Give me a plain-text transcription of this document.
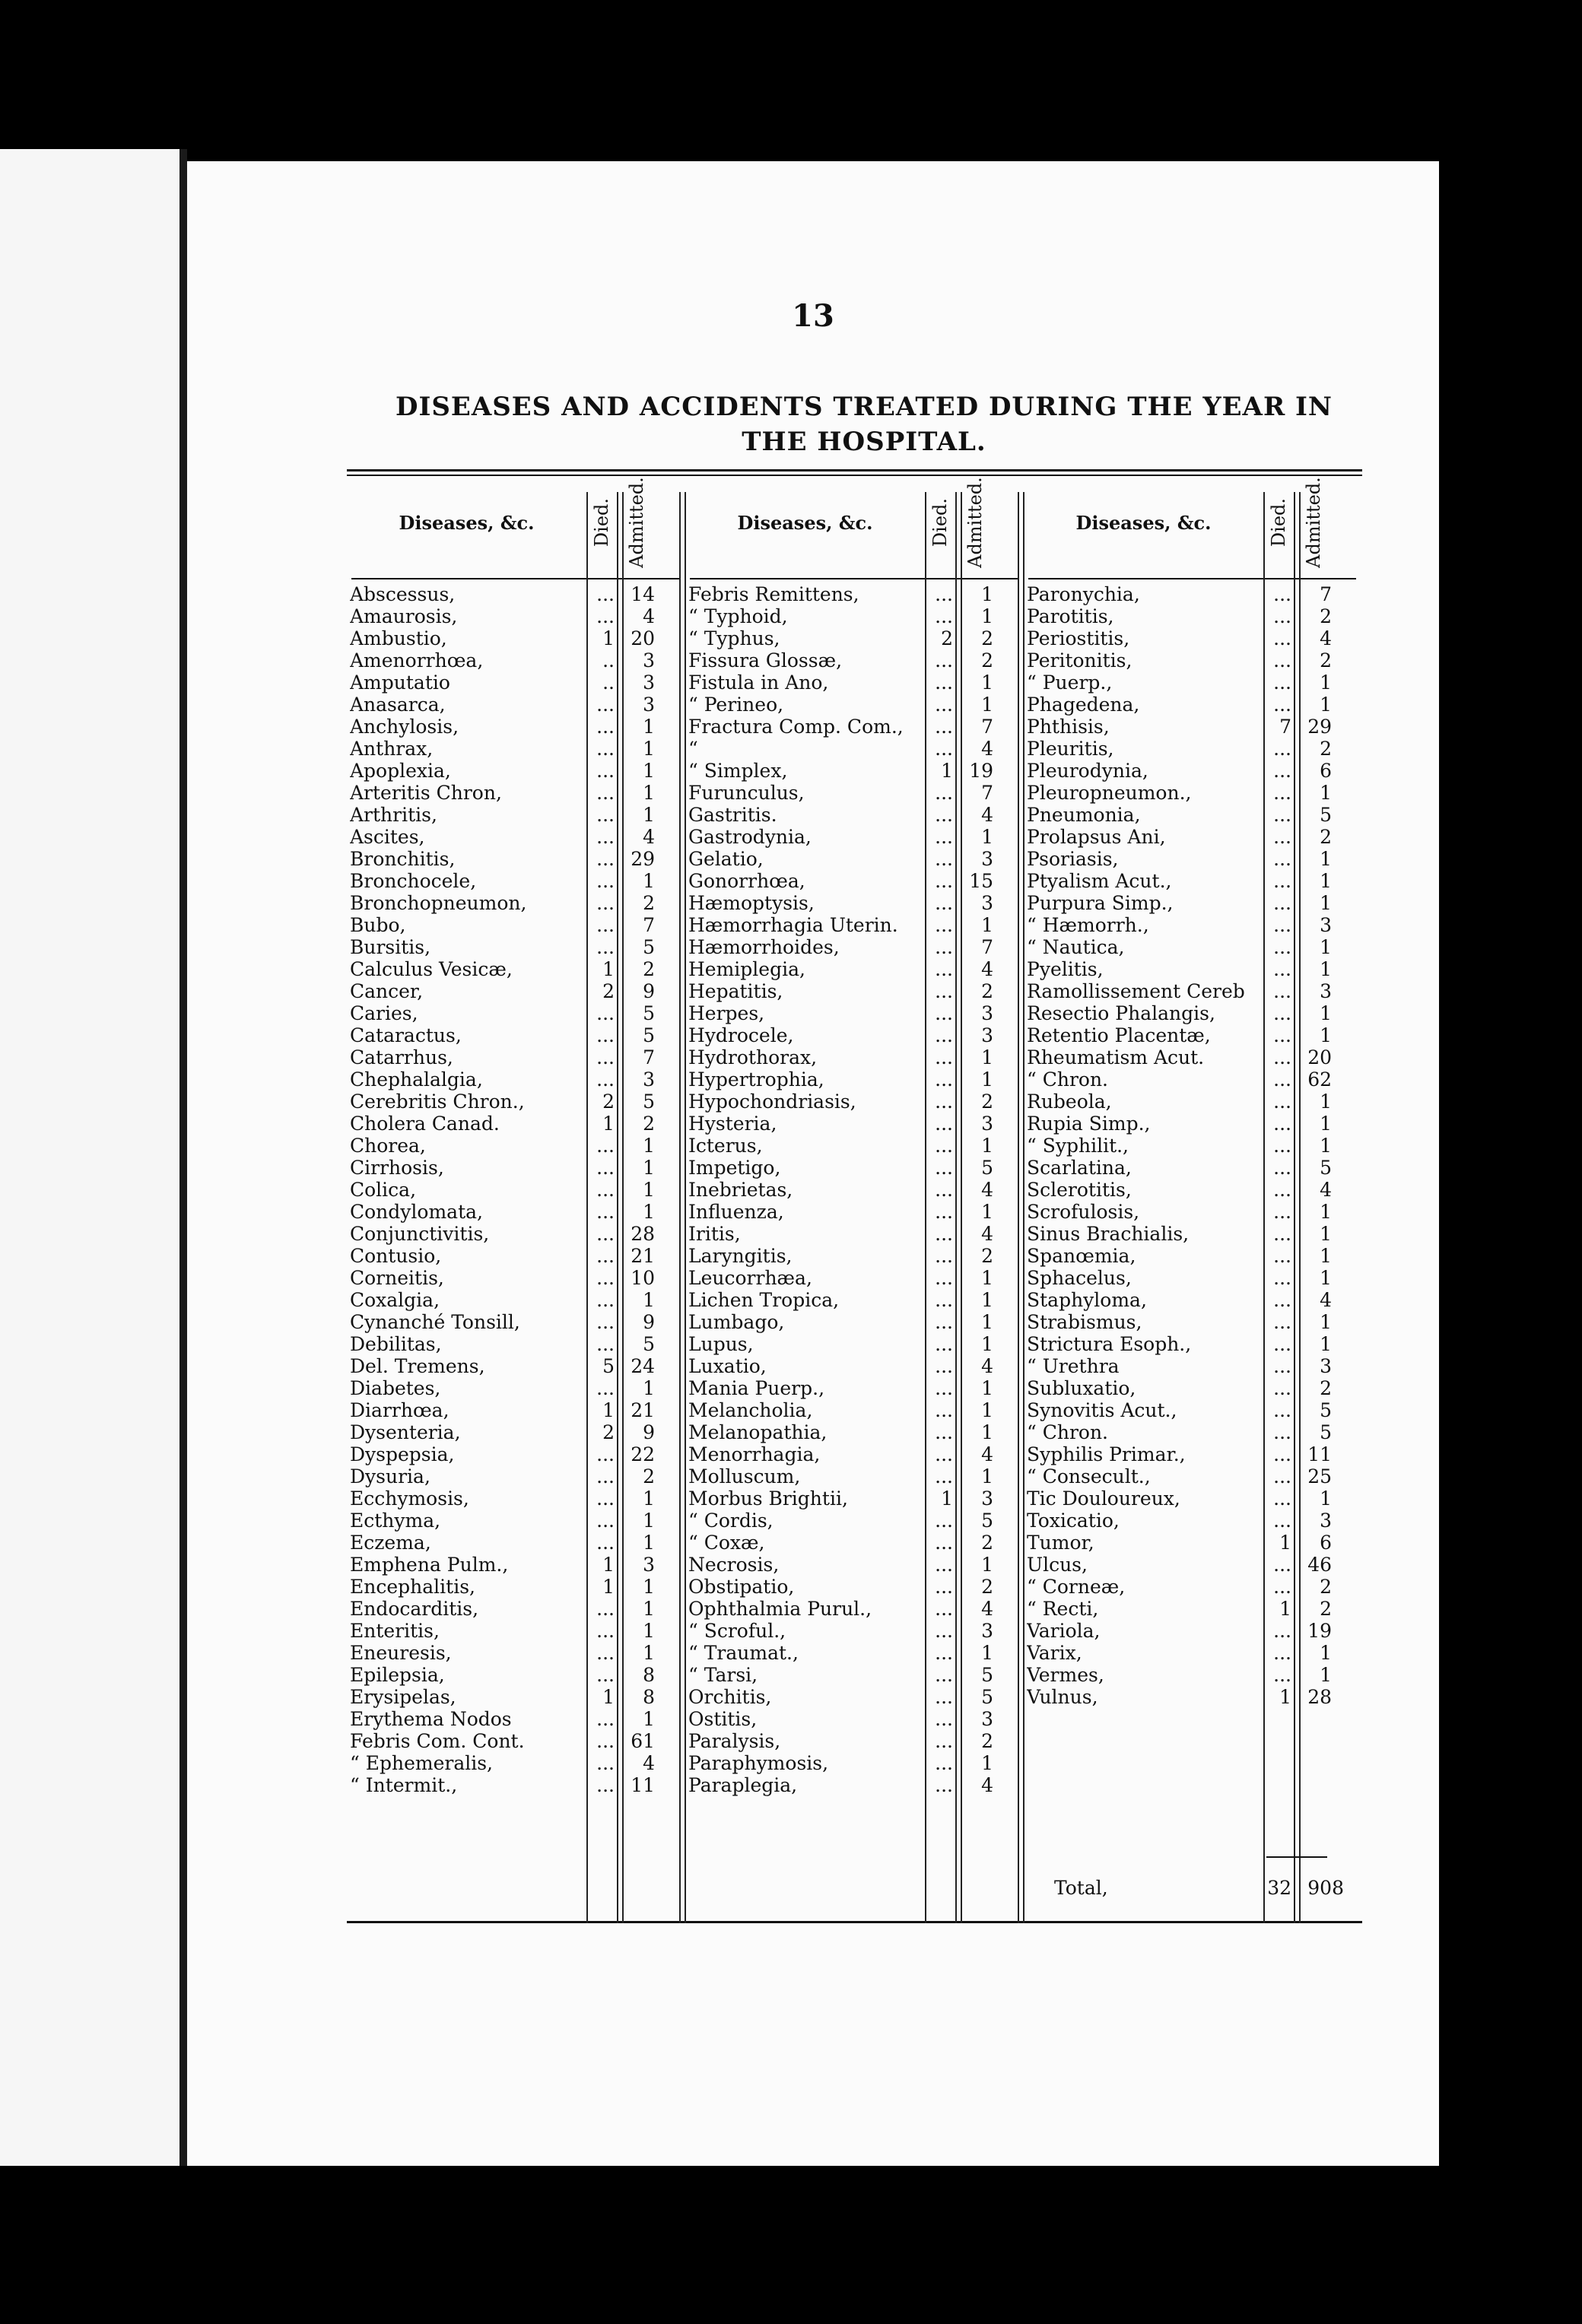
13
DISEASES AND ACCIDENTS TREATED DURING THE YEAR IN
THE HOSPITAL.
Diseases, &c.	Died. Admitted.
Abscessus,	... 14
Amaurosis,	...	4
Ambustio,	1 20
Amenorrhœa,	..	3
Amputatio	..	3
Anasarca,	...	3
Anchylosis,	...	1
Anthrax,	...	1
Apoplexia,	...	1
Arteritis Chron,	...	1
Arthritis,	...	1
Ascites,	...	4
Bronchitis,	... 29
Bronchocele,	...	1
Bronchopneumon,	...	2
Bubo,	...	7
Bursitis,	...	5
Calculus Vesicæ,	1	2
Cancer,	2	9
Caries,	...	5
Cataractus,	...	5
Catarrhus,	...	7
Chephalalgia,	...	3
Cerebritis Chron.,	2	5
Cholera Canad.	1	2
Chorea,	...	1
Cirrhosis,	...	1
Colica,	...	1
Condylomata,	...	1
Conjunctivitis,	... 28
Contusio,	... 21
Corneitis,	... 10
Coxalgia,	...	1
Cynanché Tonsill,	...	9
Debilitas,	...	5
Del. Tremens,	5 24
Diabetes,	...	1
Diarrhœa,	1 21
Dysenteria,	2	9
Dyspepsia,	... 22
Dysuria,	...	2
Ecchymosis,	...	1
Ecthyma,	...	1
Eczema,	...	1
Emphena Pulm.,	1	3
Encephalitis,	1	1
Endocarditis,	...	1
Enteritis,	...	1
Eneuresis,	...	1
Epilepsia,	...	8
Erysipelas,	1	8
Erythema Nodos	...	1
Febris Com. Cont.	... 61
“ Ephemeralis,	...	4
“ Intermit.,	... 11
Diseases, &c.	Died. Admitted.
Febris Remittens,	...	1
“ Typhoid,	...	1
“ Typhus,	2	2
Fissura Glossæ,	...	2
Fistula in Ano,	...	1
“ Perineo,	...	1
Fractura Comp. Com.,	...	7
“	...	4
“ Simplex,	1 19
Furunculus,	...	7
Gastritis.	...	4
Gastrodynia,	...	1
Gelatio,	...	3
Gonorrhœa,	... 15
Hæmoptysis,	...	3
Hæmorrhagia Uterin.	...	1
Hæmorrhoides,	...	7
Hemiplegia,	...	4
Hepatitis,	...	2
Herpes,	...	3
Hydrocele,	...	3
Hydrothorax,	...	1
Hypertrophia,	...	1
Hypochondriasis,	...	2
Hysteria,	...	3
Icterus,	...	1
Impetigo,	...	5
Inebrietas,	...	4
Influenza,	...	1
Iritis,	...	4
Laryngitis,	...	2
Leucorrhæa,	...	1
Lichen Tropica,	...	1
Lumbago,	...	1
Lupus,	...	1
Luxatio,	...	4
Mania Puerp.,	...	1
Melancholia,	...	1
Melanopathia,	...	1
Menorrhagia,	...	4
Molluscum,	...	1
Morbus Brightii,	1	3
“ Cordis,	...	5
“ Coxæ,	...	2
Necrosis,	...	1
Obstipatio,	...	2
Ophthalmia Purul.,	...	4
“ Scroful.,	...	3
“ Traumat.,	...	1
“ Tarsi,	...	5
Orchitis,	...	5
Ostitis,	...	3
Paralysis,	...	2
Paraphymosis,	...	1
Paraplegia,	...	4
Diseases, &c.	Died. Admitted.
Paronychia,	...	7
Parotitis,	...	2
Periostitis,	...	4
Peritonitis,	...	2
“ Puerp.,	...	1
Phagedena,	...	1
Phthisis,	7 29
Pleuritis,	...	2
Pleurodynia,	...	6
Pleuropneumon.,	...	1
Pneumonia,	...	5
Prolapsus Ani,	...	2
Psoriasis,	...	1
Ptyalism Acut.,	...	1
Purpura Simp.,	...	1
“ Hæmorrh.,	...	3
“ Nautica,	...	1
Pyelitis,	...	1
Ramollissement Cereb	...	3
Resectio Phalangis,	...	1
Retentio Placentæ,	...	1
Rheumatism Acut.	... 20
“ Chron.	... 62
Rubeola,	...	1
Rupia Simp.,	...	1
“ Syphilit.,	...	1
Scarlatina,	...	5
Sclerotitis,	...	4
Scrofulosis,	...	1
Sinus Brachialis,	...	1
Spanœmia,	...	1
Sphacelus,	...	1
Staphyloma,	...	4
Strabismus,	...	1
Strictura Esoph.,	...	1
“ Urethra	...	3
Subluxatio,	...	2
Synovitis Acut.,	...	5
“ Chron.	...	5
Syphilis Primar.,	... 11
“ Consecult.,	... 25
Tic Douloureux,	...	1
Toxicatio,	...	3
Tumor,	1	6
Ulcus,	... 46
“ Corneæ,	...	2
“ Recti,	1	2
Variola,	... 19
Varix,	...	1
Vermes,	...	1
Vulnus,	1 28
Total,	32 908
